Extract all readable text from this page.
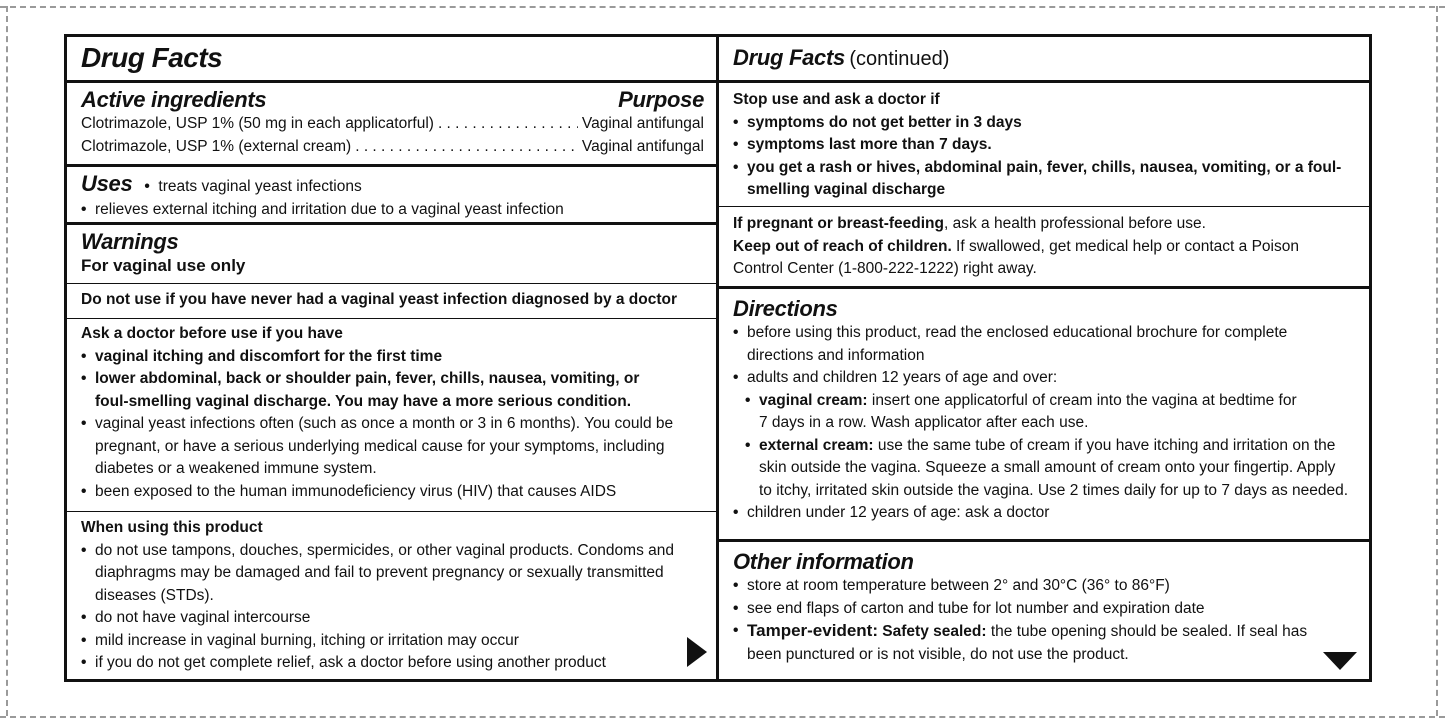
Drug Facts
Active ingredients	Purpose
Clotrimazole, USP 1% (50 mg in each applicatorful) . . .	Vaginal antifungal
Clotrimazole, USP 1% (external cream) . . .	Vaginal antifungal
Uses • treats vaginal yeast infections
• relieves external itching and irritation due to a vaginal yeast infection
Warnings
For vaginal use only
Do not use if you have never had a vaginal yeast infection diagnosed by a doctor
Ask a doctor before use if you have
• vaginal itching and discomfort for the first time
• lower abdominal, back or shoulder pain, fever, chills, nausea, vomiting, or
foul-smelling vaginal discharge. You may have a more serious condition.
• vaginal yeast infections often (such as once a month or 3 in 6 months). You could be
pregnant, or have a serious underlying medical cause for your symptoms, including
diabetes or a weakened immune system.
• been exposed to the human immunodeficiency virus (HIV) that causes AIDS
When using this product
• do not use tampons, douches, spermicides, or other vaginal products. Condoms and
diaphragms may be damaged and fail to prevent pregnancy or sexually transmitted
diseases (STDs).
• do not have vaginal intercourse
• mild increase in vaginal burning, itching or irritation may occur
• if you do not get complete relief, ask a doctor before using another product
Drug Facts (continued)
Stop use and ask a doctor if
• symptoms do not get better in 3 days
• symptoms last more than 7 days.
• you get a rash or hives, abdominal pain, fever, chills, nausea, vomiting, or a foul-
smelling vaginal discharge
If pregnant or breast-feeding, ask a health professional before use.
Keep out of reach of children. If swallowed, get medical help or contact a Poison
Control Center (1-800-222-1222) right away.
Directions
• before using this product, read the enclosed educational brochure for complete
directions and information
• adults and children 12 years of age and over:
• vaginal cream: insert one applicatorful of cream into the vagina at bedtime for
7 days in a row. Wash applicator after each use.
• external cream: use the same tube of cream if you have itching and irritation on the
skin outside the vagina. Squeeze a small amount of cream onto your fingertip. Apply
to itchy, irritated skin outside the vagina. Use 2 times daily for up to 7 days as needed.
• children under 12 years of age: ask a doctor
Other information
• store at room temperature between 2° and 30°C (36° to 86°F)
• see end flaps of carton and tube for lot number and expiration date
• Tamper-evident: Safety sealed: the tube opening should be sealed. If seal has
been punctured or is not visible, do not use the product.
